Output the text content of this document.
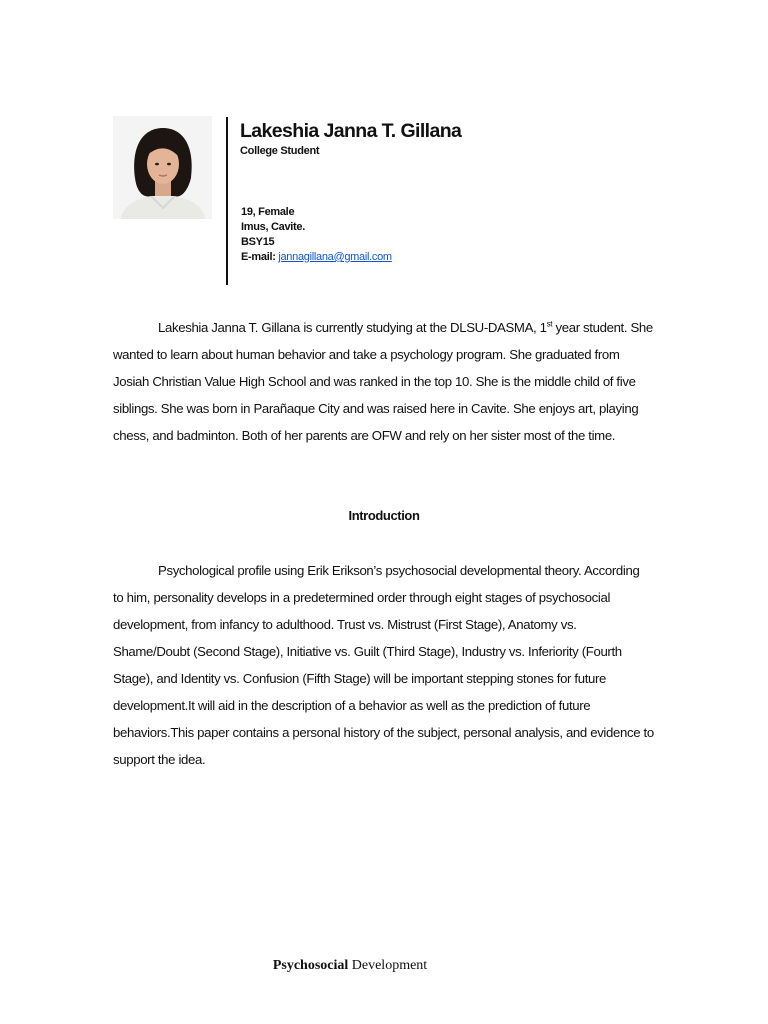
Lakeshia Janna T. Gillana
College Student
19, Female
Imus, Cavite.
BSY15
E-mail: jannagillana@gmail.com
Lakeshia Janna T. Gillana is currently studying at the DLSU-DASMA, 1st year student. She
wanted to learn about human behavior and take a psychology program. She graduated from
Josiah Christian Value High School and was ranked in the top 10. She is the middle child of five
siblings. She was born in Parañaque City and was raised here in Cavite. She enjoys art, playing
chess, and badminton. Both of her parents are OFW and rely on her sister most of the time.
Introduction
Psychological profile using Erik Erikson’s psychosocial developmental theory. According
to him, personality develops in a predetermined order through eight stages of psychosocial
development, from infancy to adulthood. Trust vs. Mistrust (First Stage), Anatomy vs.
Shame/Doubt (Second Stage), Initiative vs. Guilt (Third Stage), Industry vs. Inferiority (Fourth
Stage), and Identity vs. Confusion (Fifth Stage) will be important stepping stones for future
development.It will aid in the description of a behavior as well as the prediction of future
behaviors.This paper contains a personal history of the subject, personal analysis, and evidence to
support the idea.
Psychosocial Development
